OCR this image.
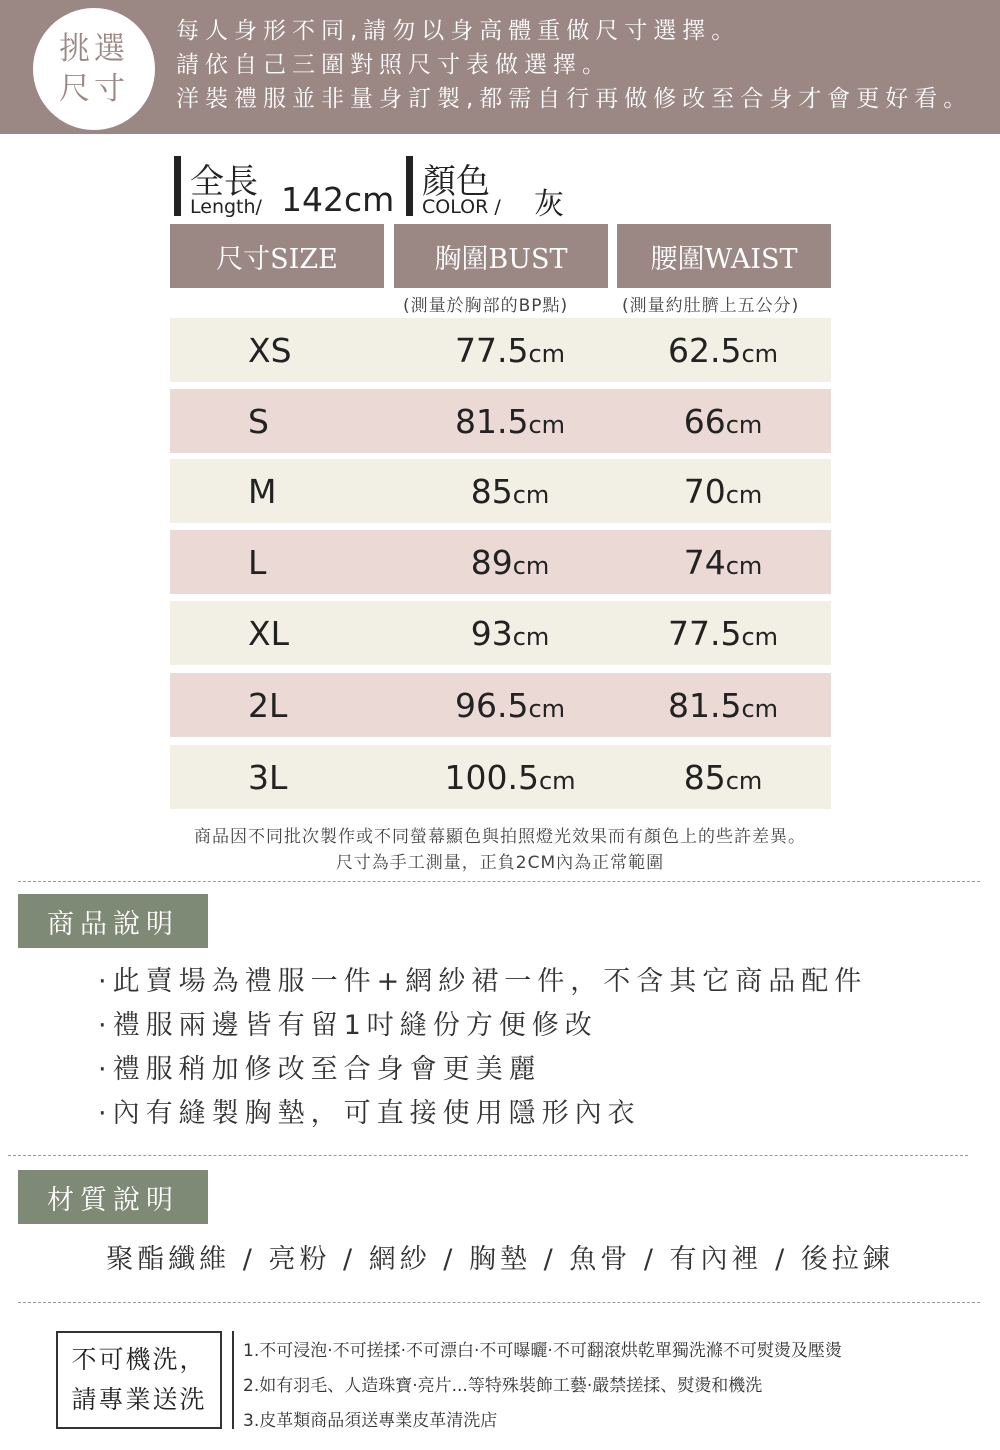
挑選
尺寸
每人身形不同,請勿以身高體重做尺寸選擇。
請依自己三圍對照尺寸表做選擇。
洋裝禮服並非量身訂製,都需自行再做修改至合身才會更好看。
全長
Length/ 142cm 顏色
COLOR / 灰
尺寸SIZE	胸圍BUST	腰圍WAIST
(測量於胸部的BP點)	(測量約肚臍上五公分)
XS	77.5cm	62.5cm
S	81.5cm	66cm
M	85cm	70cm
L	89cm	74cm
XL	93cm	77.5cm
2L	96.5cm	81.5cm
3L	100.5cm	85cm
商品因不同批次製作或不同螢幕顯色與拍照燈光效果而有顏色上的些許差異。
尺寸為手工測量，正負2CM內為正常範圍
商品說明
·此賣場為禮服一件+網紗裙一件，不含其它商品配件
·禮服兩邊皆有留1吋縫份方便修改
·禮服稍加修改至合身會更美麗
·內有縫製胸墊，可直接使用隱形內衣
材質說明
聚酯纖維 / 亮粉 / 網紗 / 胸墊 / 魚骨 / 有內裡 / 後拉鍊
不可機洗，
請專業送洗
1.不可浸泡‧不可搓揉‧不可漂白‧不可曝曬‧不可翻滾烘乾單獨洗滌不可熨燙及壓燙
2.如有羽毛、人造珠寶‧亮片...等特殊裝飾工藝‧嚴禁搓揉、熨燙和機洗
3.皮革類商品須送專業皮革清洗店
